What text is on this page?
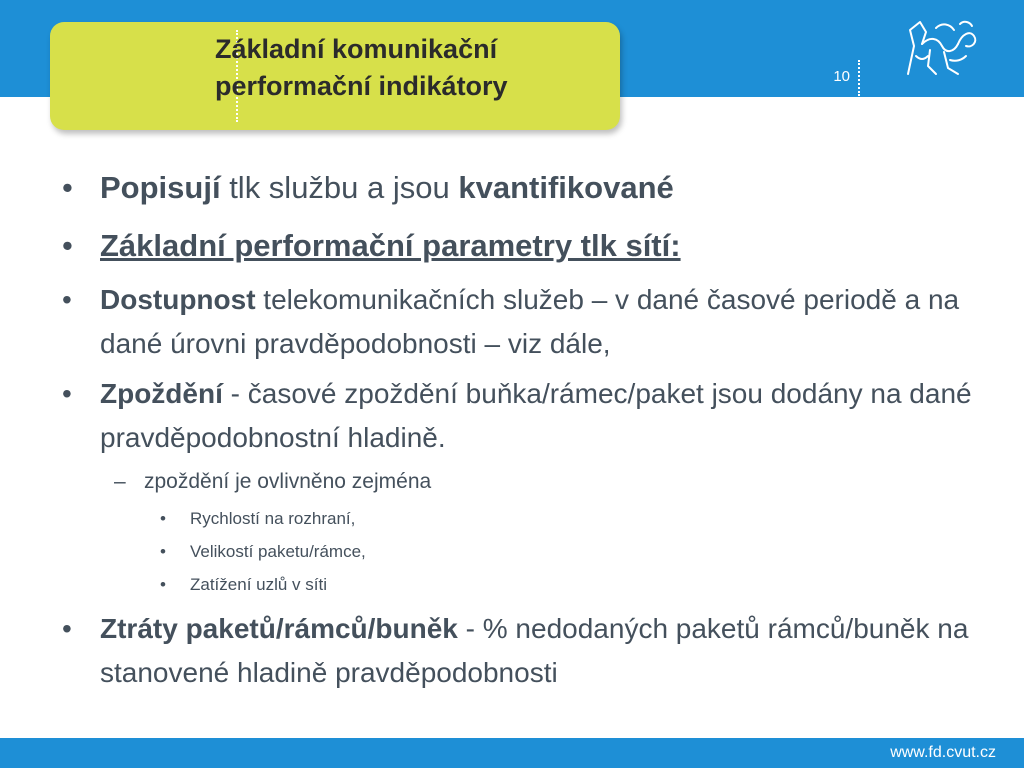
Základní komunikační
performační indikátory	10
• Popisují tlk službu a jsou kvantifikované
• Základní performační parametry tlk sítí:
•	Dostupnost telekomunikačních služeb – v dané časové periodě a na dané úrovni pravděpodobnosti – viz dále,
•	Zpoždění - časové zpoždění buňka/rámec/paket jsou dodány na dané pravděpodobnostní hladině.
– zpoždění je ovlivněno zejména
•	Rychlostí na rozhraní,
•	Velikostí paketu/rámce,
•	Zatížení uzlů v síti
•	Ztráty paketů/rámců/buněk - % nedodaných paketů rámců/buněk na stanovené hladině pravděpodobnosti
www.fd.cvut.cz
